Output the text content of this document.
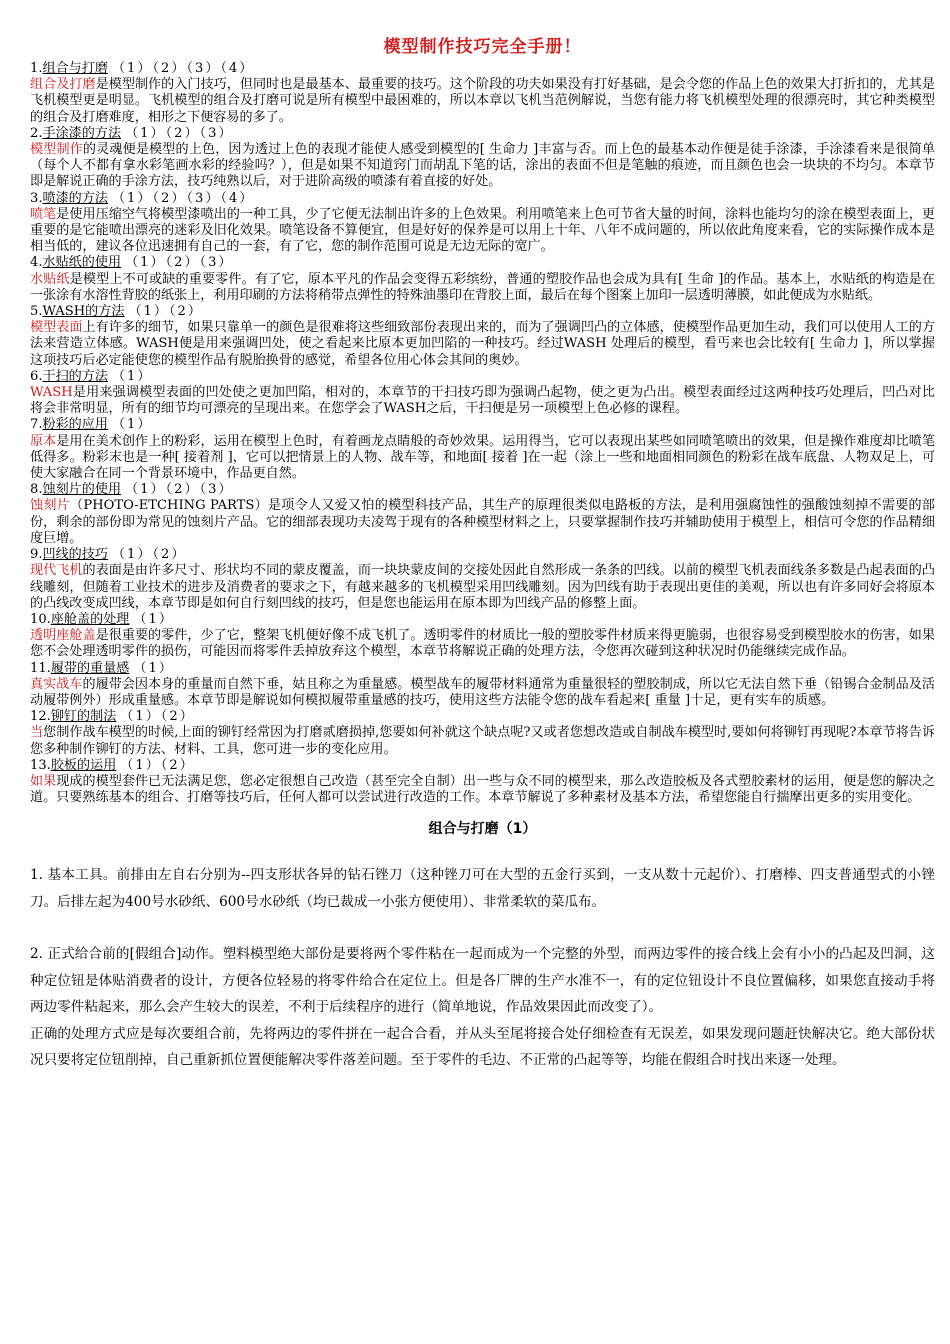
模型制作技巧完全手册！

1.组合与打磨 （1）（2）（3）（4）

组合及打磨是模型制作的入门技巧，但同时也是最基本、最重要的技巧。这个阶段的功夫如果没有打好基础，是会令您的作品上色的效果大打折扣的，尤其是飞机模型更是明显。飞机模型的组合及打磨可说是所有模型中最困难的，所以本章以飞机当范例解说，当您有能力将飞机模型处理的很漂亮时，其它种类模型的组合及打磨难度，相形之下便容易的多了。

2.手涂漆的方法 （1）（2）（3）

模型制作的灵魂便是模型的上色，因为透过上色的表现才能使人感受到模型的[ 生命力 ]丰富与否。而上色的最基本动作便是徒手涂漆，手涂漆看来是很简单（每个人不都有拿水彩笔画水彩的经验吗？），但是如果不知道窍门而胡乱下笔的话，涂出的表面不但是笔触的痕迹，而且颜色也会一块块的不均匀。本章节即是解说正确的手涂方法，技巧纯熟以后，对于进阶高级的喷漆有着直接的好处。

3.喷漆的方法 （1）（2）（3）（4）

喷笔是使用压缩空气将模型漆喷出的一种工具，少了它便无法制出许多的上色效果。利用喷笔来上色可节省大量的时间，涂料也能均匀的涂在模型表面上，更重要的是它能喷出漂亮的迷彩及旧化效果。喷笔设备不算便宜，但是好好的保养是可以用上十年、八年不成问题的，所以依此角度来看，它的实际操作成本是相当低的，建议各位迅速拥有自己的一套，有了它，您的制作范围可说是无边无际的宽广。

4.水贴纸的使用 （1）（2）（3）

水贴纸是模型上不可或缺的重要零件。有了它，原本平凡的作品会变得五彩缤纷，普通的塑胶作品也会成为具有[ 生命 ]的作品。基本上，水贴纸的构造是在一张涂有水溶性背胶的纸张上，利用印刷的方法将稍带点弹性的特殊油墨印在背胶上面，最后在每个图案上加印一层透明薄膜，如此便成为水贴纸。

5.WASH的方法 （1）（2）

模型表面上有许多的细节，如果只靠单一的颜色是很难将这些细致部份表现出来的，而为了强调凹凸的立体感，使模型作品更加生动，我们可以使用人工的方法来营造立体感。WASH便是用来强调凹处，使之看起来比原本更加凹陷的一种技巧。经过WASH 处理后的模型，看丐来也会比较有[ 生命力 ]，所以掌握这项技巧后必定能使您的模型作品有脱胎换骨的感觉，希望各位用心体会其间的奥妙。

6.干扫的方法 （1）

WASH是用来强调模型表面的凹处使之更加凹陷，相对的，本章节的干扫技巧即为强调凸起物，使之更为凸出。模型表面经过这两种技巧处理后，凹凸对比将会非常明显，所有的细节均可漂亮的呈现出来。在您学会了WASH之后，干扫便是另一项模型上色必修的课程。

7.粉彩的应用 （1）

原本是用在美术创作上的粉彩，运用在模型上色时，有着画龙点睛般的奇妙效果。运用得当，它可以表现出某些如同喷笔喷出的效果，但是操作难度却比喷笔低得多。粉彩末也是一种[ 接着剂 ]，它可以把情景上的人物、战车等，和地面[ 接着 ]在一起（涂上一些和地面相同颜色的粉彩在战车底盘、人物双足上，可使大家融合在同一个背景环境中，作品更自然。

8.蚀刻片的使用 （1）（2）（3）

蚀刻片（PHOTO-ETCHING PARTS）是项令人又爱又怕的模型科技产品，其生产的原理很类似电路板的方法，是利用强腐蚀性的强酸蚀刻掉不需要的部份，剩余的部份即为常见的蚀刻片产品。它的细部表现功夫凌驾于现有的各种模型材料之上，只要掌握制作技巧并辅助使用于模型上，相信可令您的作品精细度巨增。

9.凹线的技巧 （1）（2）

现代飞机的表面是由许多尺寸、形状均不同的蒙皮覆盖，而一块块蒙皮间的交接处因此自然形成一条条的凹线。以前的模型飞机表面线条多数是凸起表面的凸线雕刻，但随着工业技术的进步及消费者的要求之下，有越来越多的飞机模型采用凹线雕刻。因为凹线有助于表现出更佳的美观，所以也有许多同好会将原本的凸线改变成凹线，本章节即是如何自行刻凹线的技巧，但是您也能运用在原本即为凹线产品的修整上面。

10.座舱盖的处理 （1）

透明座舱盖是很重要的零件，少了它，整架飞机便好像不成飞机了。透明零件的材质比一般的塑胶零件材质来得更脆弱，也很容易受到模型胶水的伤害，如果您不会处理透明零件的损伤，可能因而将零件丢掉放弃这个模型，本章节将解说正确的处理方法，令您再次碰到这种状况时仍能继续完成作品。

11.履带的重量感 （1）

真实战车的履带会因本身的重量而自然下垂，姑且称之为重量感。模型战车的履带材料通常为重量很轻的塑胶制成，所以它无法自然下垂（铅锡合金制品及活动履带例外）形成重量感。本章节即是解说如何模拟履带重量感的技巧，使用这些方法能令您的战车看起来[ 重量 ]十足，更有实车的质感。

12.铆钉的制法 （1）（2）

当您制作战车模型的时候,上面的铆钉经常因为打磨贰磨损掉,您要如何补就这个缺点呢?又或者您想改造或自制战车模型时,要如何将铆钉再现呢?本章节将告诉您多种制作铆钉的方法、材料、工具，您可进一步的变化应用。

13.胶板的运用 （1）（2）

如果现成的模型套件已无法满足您，您必定很想自己改造（甚至完全自制）出一些与众不同的模型来，那么改造胶板及各式塑胶素材的运用，便是您的解决之道。只要熟练基本的组合、打磨等技巧后，任何人都可以尝试进行改造的工作。本章节解说了多种素材及基本方法，希望您能自行揣摩出更多的实用变化。

组合与打磨（1）

1. 基本工具。前排由左自右分别为--四支形状各异的钻石锉刀（这种锉刀可在大型的五金行买到，一支从数十元起价）、打磨棒、四支普通型式的小锉刀。后排左起为400号水砂纸、600号水砂纸（均已裁成一小张方便使用）、非常柔软的菜瓜布。

2. 正式给合前的[假组合]动作。塑料模型绝大部份是要将两个零件粘在一起而成为一个完整的外型，而两边零件的接合线上会有小小的凸起及凹洞，这种定位钮是体贴消费者的设计，方便各位轻易的将零件给合在定位上。但是各厂牌的生产水准不一，有的定位钮设计不良位置偏移，如果您直接动手将两边零件粘起来，那么会产生较大的误差，不利于后续程序的进行（简单地说，作品效果因此而改变了）。

正确的处理方式应是每次要组合前，先将两边的零件拼在一起合合看，并从头至尾将接合处仔细检查有无误差，如果发现问题赶快解决它。绝大部份状况只要将定位钮削掉，自己重新抓位置便能解决零件落差问题。至于零件的毛边、不正常的凸起等等，均能在假组合时找出来逐一处理。
